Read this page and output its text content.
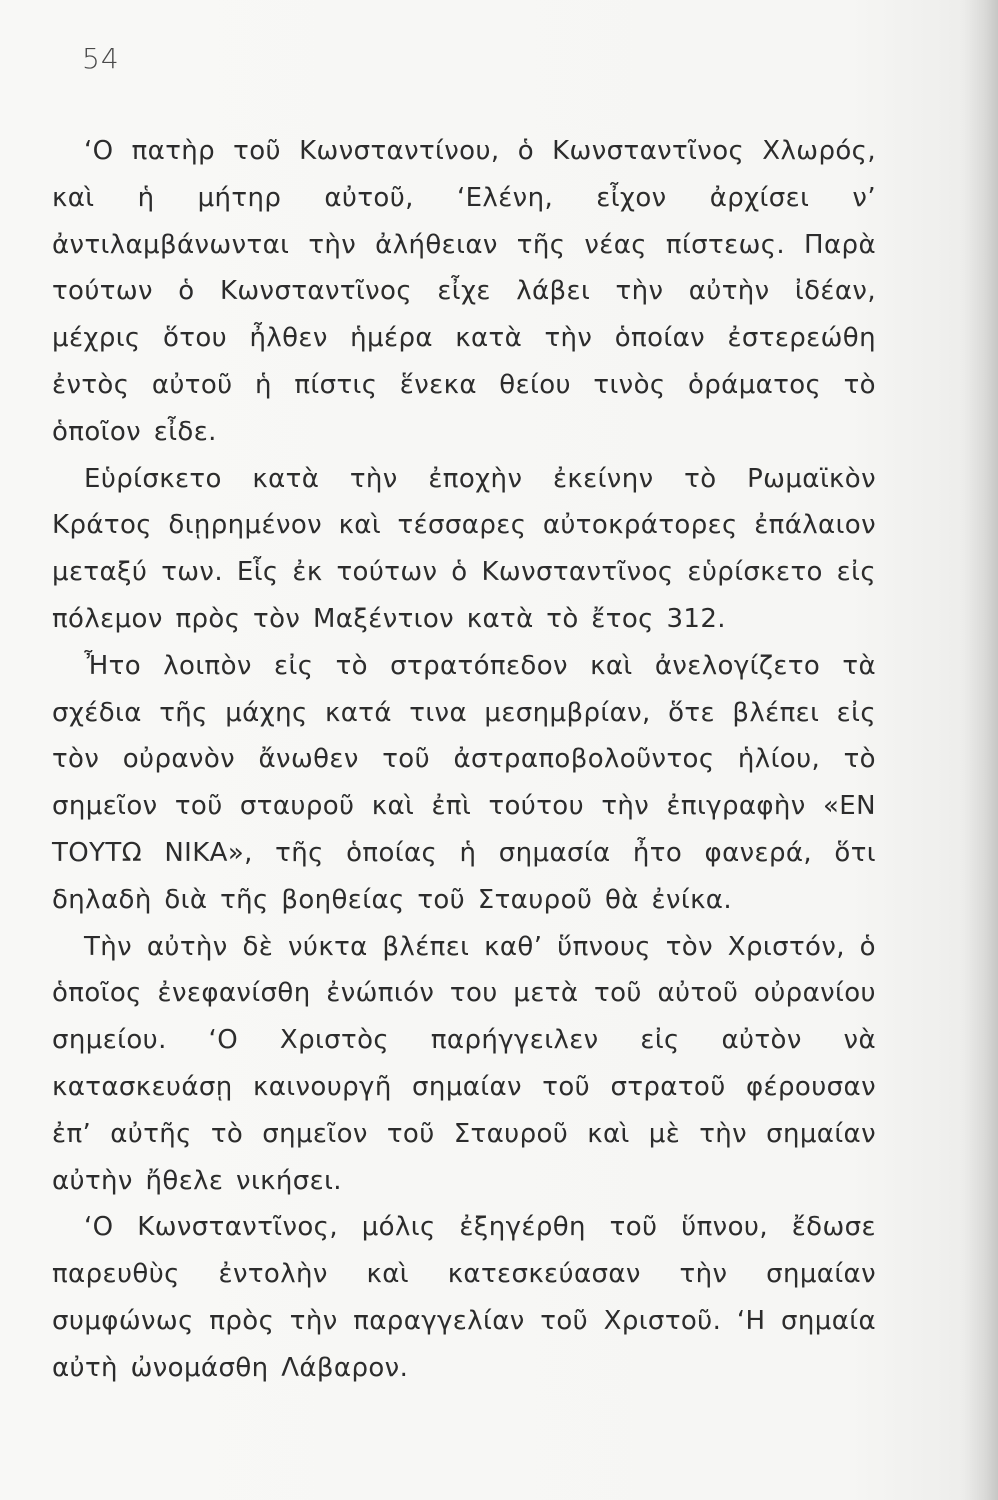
54

‘Ο πατὴρ τοῦ Κωνσταντίνου, ὁ Κωνσταντῖνος Χλωρός, καὶ ἡ μήτηρ αὐτοῦ, ‘Ελένη, εἶχον ἀρχίσει ν’ ἀντιλαμβάνωνται τὴν ἀλήθειαν τῆς νέας πίστεως. Παρὰ τούτων ὁ Κωνσταντῖνος εἶχε λάβει τὴν αὐτὴν ἰδέαν, μέχρις ὅτου ἦλθεν ἡμέρα κατὰ τὴν ὁποίαν ἐστερεώθη ἐντὸς αὐτοῦ ἡ πίστις ἕνεκα θείου τινὸς ὁράματος τὸ ὁποῖον εἶδε.

Εὑρίσκετο κατὰ τὴν ἐποχὴν ἐκείνην τὸ Ρωμαϊκὸν Κράτος διῃρημένον καὶ τέσσαρες αὐτοκράτορες ἐπάλαιον μεταξύ των. Εἷς ἐκ τούτων ὁ Κωνσταντῖνος εὑρίσκετο εἰς πόλεμον πρὸς τὸν Μαξέντιον κατὰ τὸ ἔτος 312.

Ἦτο λοιπὸν εἰς τὸ στρατόπεδον καὶ ἀνελογίζετο τὰ σχέδια τῆς μάχης κατά τινα μεσημβρίαν, ὅτε βλέπει εἰς τὸν οὐρανὸν ἄνωθεν τοῦ ἀστραποβολοῦντος ἡλίου, τὸ σημεῖον τοῦ σταυροῦ καὶ ἐπὶ τούτου τὴν ἐπιγραφὴν «ΕΝ ΤΟΥΤΩ ΝΙΚΑ», τῆς ὁποίας ἡ σημασία ἦτο φανερά, ὅτι δηλαδὴ διὰ τῆς βοηθείας τοῦ Σταυροῦ θὰ ἐνίκα.

Τὴν αὐτὴν δὲ νύκτα βλέπει καθ’ ὕπνους τὸν Χριστόν, ὁ ὁποῖος ἐνεφανίσθη ἐνώπιόν του μετὰ τοῦ αὐτοῦ οὐρανίου σημείου. ‘Ο Χριστὸς παρήγγειλεν εἰς αὐτὸν νὰ κατασκευάσῃ καινουργῆ σημαίαν τοῦ στρατοῦ φέρουσαν ἐπ’ αὐτῆς τὸ σημεῖον τοῦ Σταυροῦ καὶ μὲ τὴν σημαίαν αὐτὴν ἤθελε νικήσει.

‘Ο Κωνσταντῖνος, μόλις ἐξηγέρθη τοῦ ὕπνου, ἔδωσε παρευθὺς ἐντολὴν καὶ κατεσκεύασαν τὴν σημαίαν συμφώνως πρὸς τὴν παραγγελίαν τοῦ Χριστοῦ. ‘Η σημαία αὐτὴ ὠνομάσθη Λάβαρον.
